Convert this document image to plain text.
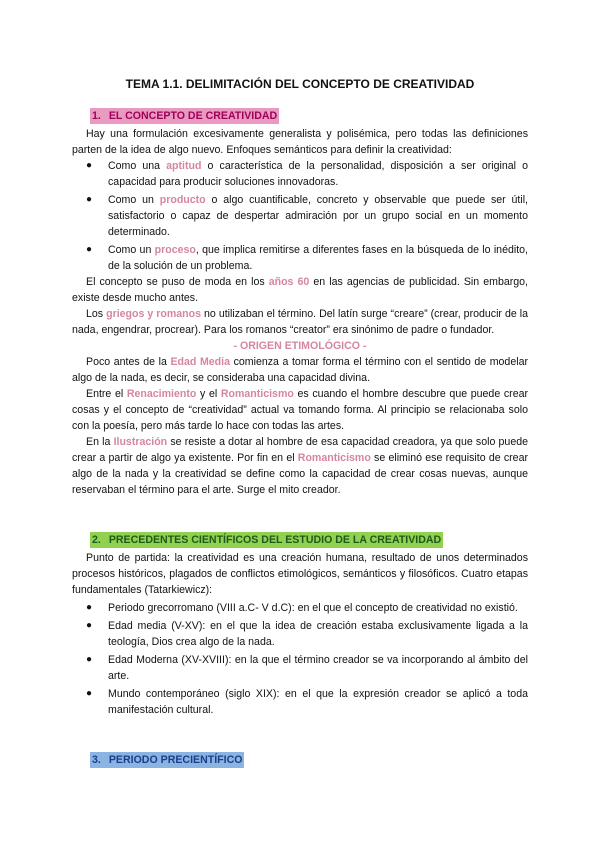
TEMA 1.1. DELIMITACIÓN DEL CONCEPTO DE CREATIVIDAD
1. EL CONCEPTO DE CREATIVIDAD

Hay una formulación excesivamente generalista y polisémica, pero todas las definiciones parten de la idea de algo nuevo. Enfoques semánticos para definir la creatividad:

● Como una aptitud o característica de la personalidad, disposición a ser original o capacidad para producir soluciones innovadoras.
● Como un producto o algo cuantificable, concreto y observable que puede ser útil, satisfactorio o capaz de despertar admiración por un grupo social en un momento determinado.
● Como un proceso, que implica remitirse a diferentes fases en la búsqueda de lo inédito, de la solución de un problema.

El concepto se puso de moda en los años 60 en las agencias de publicidad. Sin embargo, existe desde mucho antes.

Los griegos y romanos no utilizaban el término. Del latín surge “creare” (crear, producir de la nada, engendrar, procrear). Para los romanos “creator” era sinónimo de padre o fundador.

- ORIGEN ETIMOLÓGICO -

Poco antes de la Edad Media comienza a tomar forma el término con el sentido de modelar algo de la nada, es decir, se consideraba una capacidad divina.

Entre el Renacimiento y el Romanticismo es cuando el hombre descubre que puede crear cosas y el concepto de “creatividad” actual va tomando forma. Al principio se relacionaba solo con la poesía, pero más tarde lo hace con todas las artes.

En la Ilustración se resiste a dotar al hombre de esa capacidad creadora, ya que solo puede crear a partir de algo ya existente. Por fin en el Romanticismo se eliminó ese requisito de crear algo de la nada y la creatividad se define como la capacidad de crear cosas nuevas, aunque reservaban el término para el arte. Surge el mito creador.

2. PRECEDENTES CIENTÍFICOS DEL ESTUDIO DE LA CREATIVIDAD

Punto de partida: la creatividad es una creación humana, resultado de unos determinados procesos históricos, plagados de conflictos etimológicos, semánticos y filosóficos. Cuatro etapas fundamentales (Tatarkiewicz):

● Periodo grecorromano (VIII a.C- V d.C): en el que el concepto de creatividad no existió.
● Edad media (V-XV): en el que la idea de creación estaba exclusivamente ligada a la teología, Dios crea algo de la nada.
● Edad Moderna (XV-XVIII): en la que el término creador se va incorporando al ámbito del arte.
● Mundo contemporáneo (siglo XIX): en el que la expresión creador se aplicó a toda manifestación cultural.
3. PERIODO PRECIENTÍFICO
